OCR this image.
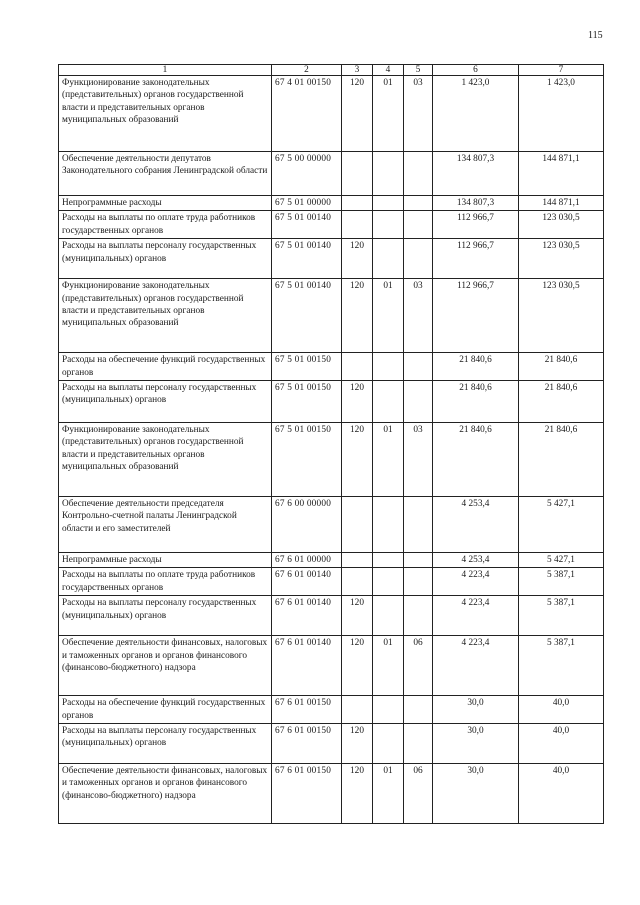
115
1	2	3	4	5	6	7
Функционирование законодательных (представительных) органов государственной власти и представительных органов муниципальных образований	67 4 01 00150	120	01	03	1 423,0	1 423,0
Обеспечение деятельности депутатов Законодательного собрания Ленинградской области	67 5 00 00000				134 807,3	144 871,1
Непрограммные расходы	67 5 01 00000				134 807,3	144 871,1
Расходы на выплаты по оплате труда работников государственных органов	67 5 01 00140				112 966,7	123 030,5
Расходы на выплаты персоналу государственных (муниципальных) органов	67 5 01 00140	120			112 966,7	123 030,5
Функционирование законодательных (представительных) органов государственной власти и представительных органов муниципальных образований	67 5 01 00140	120	01	03	112 966,7	123 030,5
Расходы на обеспечение функций государственных органов	67 5 01 00150				21 840,6	21 840,6
Расходы на выплаты персоналу государственных (муниципальных) органов	67 5 01 00150	120			21 840,6	21 840,6
Функционирование законодательных (представительных) органов государственной власти и представительных органов муниципальных образований	67 5 01 00150	120	01	03	21 840,6	21 840,6
Обеспечение деятельности председателя Контрольно-счетной палаты Ленинградской области и его заместителей	67 6 00 00000				4 253,4	5 427,1
Непрограммные расходы	67 6 01 00000				4 253,4	5 427,1
Расходы на выплаты по оплате труда работников государственных органов	67 6 01 00140				4 223,4	5 387,1
Расходы на выплаты персоналу государственных (муниципальных) органов	67 6 01 00140	120			4 223,4	5 387,1
Обеспечение деятельности финансовых, налоговых и таможенных органов и органов финансового (финансово-бюджетного) надзора	67 6 01 00140	120	01	06	4 223,4	5 387,1
Расходы на обеспечение функций государственных органов	67 6 01 00150				30,0	40,0
Расходы на выплаты персоналу государственных (муниципальных) органов	67 6 01 00150	120			30,0	40,0
Обеспечение деятельности финансовых, налоговых и таможенных органов и органов финансового (финансово-бюджетного) надзора	67 6 01 00150	120	01	06	30,0	40,0
